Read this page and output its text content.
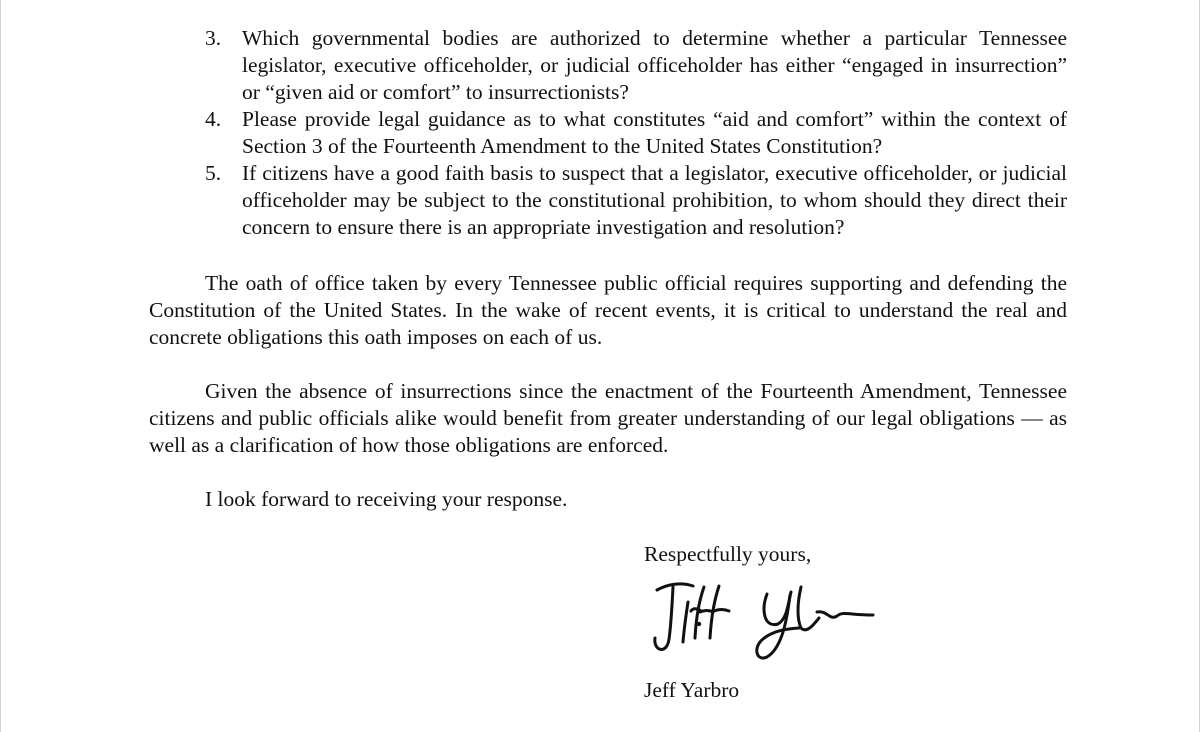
3. Which governmental bodies are authorized to determine whether a particular Tennessee legislator, executive officeholder, or judicial officeholder has either “engaged in insurrection” or “given aid or comfort” to insurrectionists?
4. Please provide legal guidance as to what constitutes “aid and comfort” within the context of Section 3 of the Fourteenth Amendment to the United States Constitution?
5. If citizens have a good faith basis to suspect that a legislator, executive officeholder, or judicial officeholder may be subject to the constitutional prohibition, to whom should they direct their concern to ensure there is an appropriate investigation and resolution?

The oath of office taken by every Tennessee public official requires supporting and defending the Constitution of the United States. In the wake of recent events, it is critical to understand the real and concrete obligations this oath imposes on each of us.

Given the absence of insurrections since the enactment of the Fourteenth Amendment, Tennessee citizens and public officials alike would benefit from greater understanding of our legal obligations — as well as a clarification of how those obligations are enforced.

I look forward to receiving your response.

Respectfully yours,

Jeff Yarbro
